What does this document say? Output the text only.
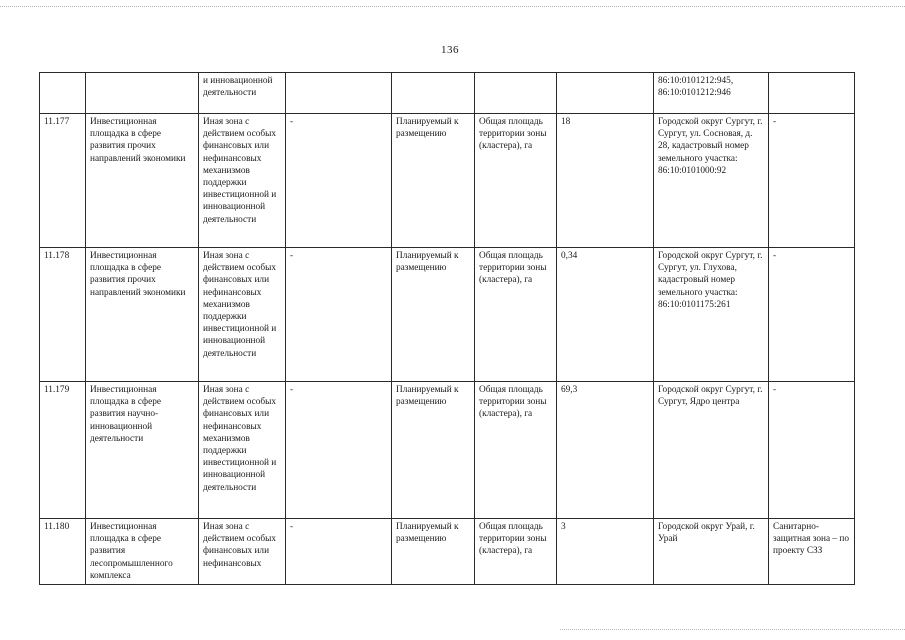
136
		и инновационной деятельности					86:10:0101212:945, 86:10:0101212:946	
11.177	Инвестиционная площадка в сфере развития прочих направлений экономики	Иная зона с действием особых финансовых или нефинансовых механизмов поддержки инвестиционной и инновационной деятельности	-	Планируемый к размещению	Общая площадь территории зоны (кластера), га	18	Городской округ Сургут, г. Сургут, ул. Сосновая, д. 28, кадастровый номер земельного участка: 86:10:0101000:92	-
11.178	Инвестиционная площадка в сфере развития прочих направлений экономики	Иная зона с действием особых финансовых или нефинансовых механизмов поддержки инвестиционной и инновационной деятельности	-	Планируемый к размещению	Общая площадь территории зоны (кластера), га	0,34	Городской округ Сургут, г. Сургут, ул. Глухова, кадастровый номер земельного участка: 86:10:0101175:261	-
11.179	Инвестиционная площадка в сфере развития научно-инновационной деятельности	Иная зона с действием особых финансовых или нефинансовых механизмов поддержки инвестиционной и инновационной деятельности	-	Планируемый к размещению	Общая площадь территории зоны (кластера), га	69,3	Городской округ Сургут, г. Сургут, Ядро центра	-
11.180	Инвестиционная площадка в сфере развития лесопромышленного комплекса	Иная зона с действием особых финансовых или нефинансовых	-	Планируемый к размещению	Общая площадь территории зоны (кластера), га	3	Городской округ Урай, г. Урай	Санитарно-защитная зона – по проекту СЗЗ
